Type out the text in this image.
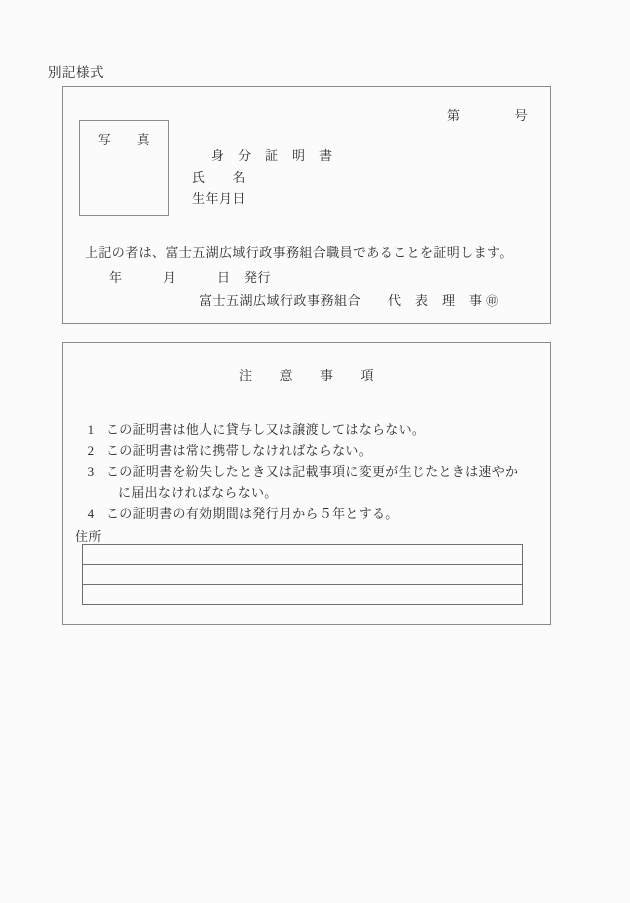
別記様式
第　　　　号
写　　真
身　分　証　明　書
氏　　名
生年月日
上記の者は、富士五湖広域行政事務組合職員であることを証明します。
年　　　月　　　日　発行
富士五湖広域行政事務組合　　代　表　理　事 ㊞
注　　意　　事　　項
1 この証明書は他人に貸与し又は譲渡してはならない。
2 この証明書は常に携帯しなければならない。
3 この証明書を紛失したとき又は記載事項に変更が生じたときは速やか
に届出なければならない。
4 この証明書の有効期間は発行月から５年とする。
住所
